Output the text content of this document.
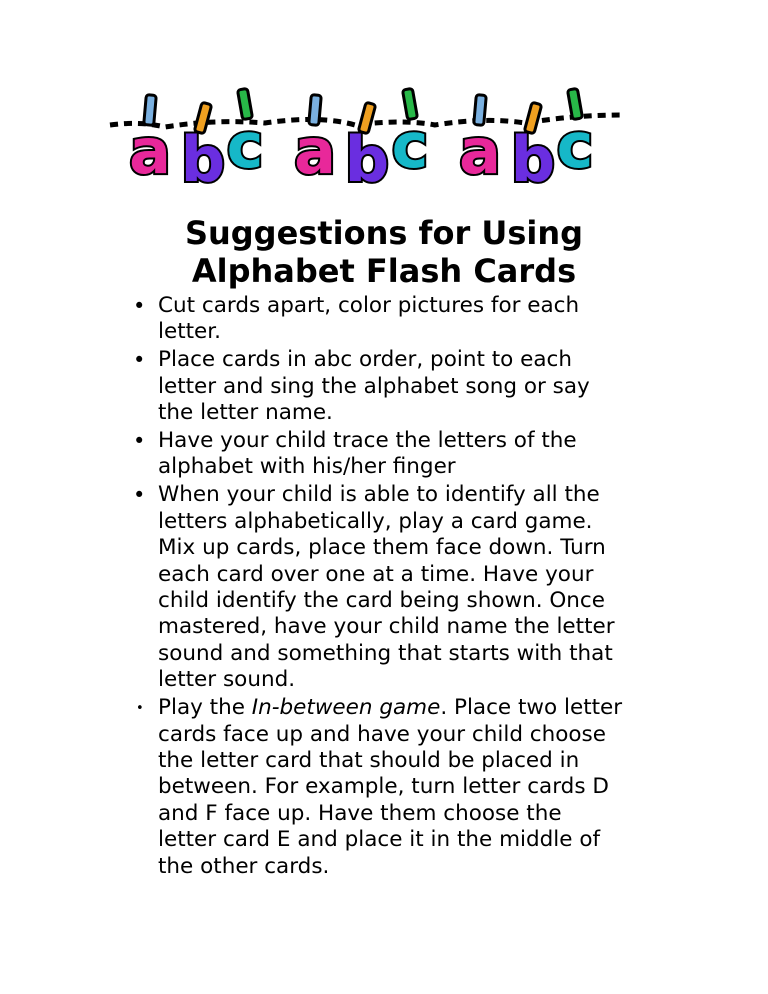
a b c a b c a b c
Suggestions for Using
Alphabet Flash Cards
• Cut cards apart, color pictures for each
letter.
• Place cards in abc order, point to each
letter and sing the alphabet song or say
the letter name.
• Have your child trace the letters of the
alphabet with his/her finger
• When your child is able to identify all the
letters alphabetically, play a card game.
Mix up cards, place them face down. Turn
each card over one at a time. Have your
child identify the card being shown. Once
mastered, have your child name the letter
sound and something that starts with that
letter sound.
• Play the In-between game. Place two letter
cards face up and have your child choose
the letter card that should be placed in
between. For example, turn letter cards D
and F face up. Have them choose the
letter card E and place it in the middle of
the other cards.
